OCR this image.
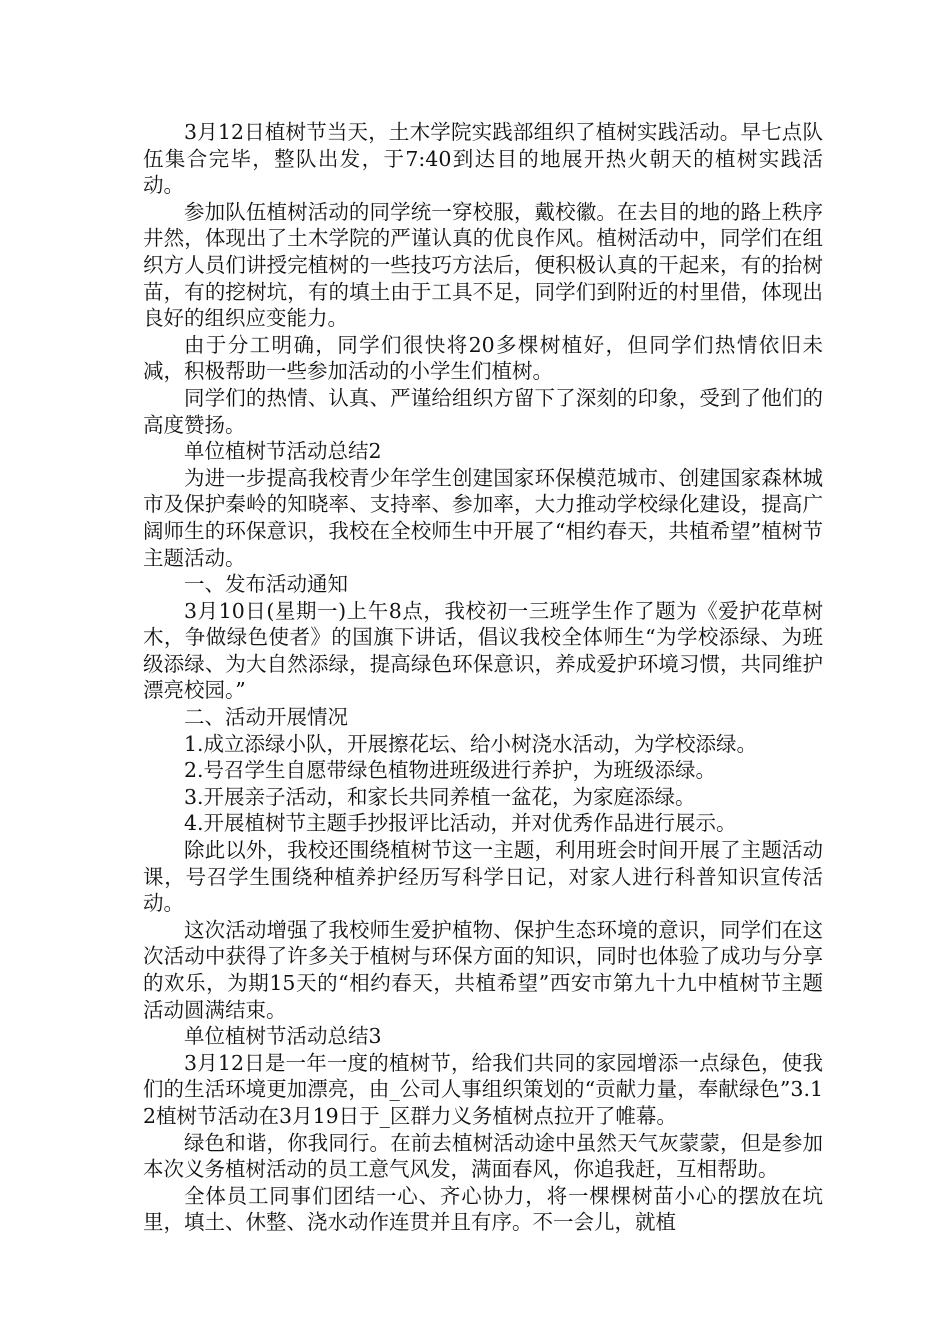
3月12日植树节当天，土木学院实践部组织了植树实践活动。早七点队伍集合完毕，整队出发，于7:40到达目的地展开热火朝天的植树实践活动。

参加队伍植树活动的同学统一穿校服，戴校徽。在去目的地的路上秩序井然，体现出了土木学院的严谨认真的优良作风。植树活动中，同学们在组织方人员们讲授完植树的一些技巧方法后，便积极认真的干起来，有的抬树苗，有的挖树坑，有的填土由于工具不足，同学们到附近的村里借，体现出良好的组织应变能力。

由于分工明确，同学们很快将20多棵树植好，但同学们热情依旧未减，积极帮助一些参加活动的小学生们植树。

同学们的热情、认真、严谨给组织方留下了深刻的印象，受到了他们的高度赞扬。

单位植树节活动总结2

为进一步提高我校青少年学生创建国家环保模范城市、创建国家森林城市及保护秦岭的知晓率、支持率、参加率，大力推动学校绿化建设，提高广阔师生的环保意识，我校在全校师生中开展了“相约春天，共植希望”植树节主题活动。

一、发布活动通知

3月10日(星期一)上午8点，我校初一三班学生作了题为《爱护花草树木，争做绿色使者》的国旗下讲话，倡议我校全体师生“为学校添绿、为班级添绿、为大自然添绿，提高绿色环保意识，养成爱护环境习惯，共同维护漂亮校园。”

二、活动开展情况

1.成立添绿小队，开展擦花坛、给小树浇水活动，为学校添绿。

2.号召学生自愿带绿色植物进班级进行养护，为班级添绿。

3.开展亲子活动，和家长共同养植一盆花，为家庭添绿。

4.开展植树节主题手抄报评比活动，并对优秀作品进行展示。

除此以外，我校还围绕植树节这一主题，利用班会时间开展了主题活动课，号召学生围绕种植养护经历写科学日记，对家人进行科普知识宣传活动。

这次活动增强了我校师生爱护植物、保护生态环境的意识，同学们在这次活动中获得了许多关于植树与环保方面的知识，同时也体验了成功与分享的欢乐，为期15天的“相约春天，共植希望”西安市第九十九中植树节主题活动圆满结束。

单位植树节活动总结3

3月12日是一年一度的植树节，给我们共同的家园增添一点绿色，使我们的生活环境更加漂亮，由_公司人事组织策划的“贡献力量，奉献绿色”3.12植树节活动在3月19日于_区群力义务植树点拉开了帷幕。

绿色和谐，你我同行。在前去植树活动途中虽然天气灰蒙蒙，但是参加本次义务植树活动的员工意气风发，满面春风，你追我赶，互相帮助。

全体员工同事们团结一心、齐心协力，将一棵棵树苗小心的摆放在坑里，填土、休整、浇水动作连贯并且有序。不一会儿，就植
